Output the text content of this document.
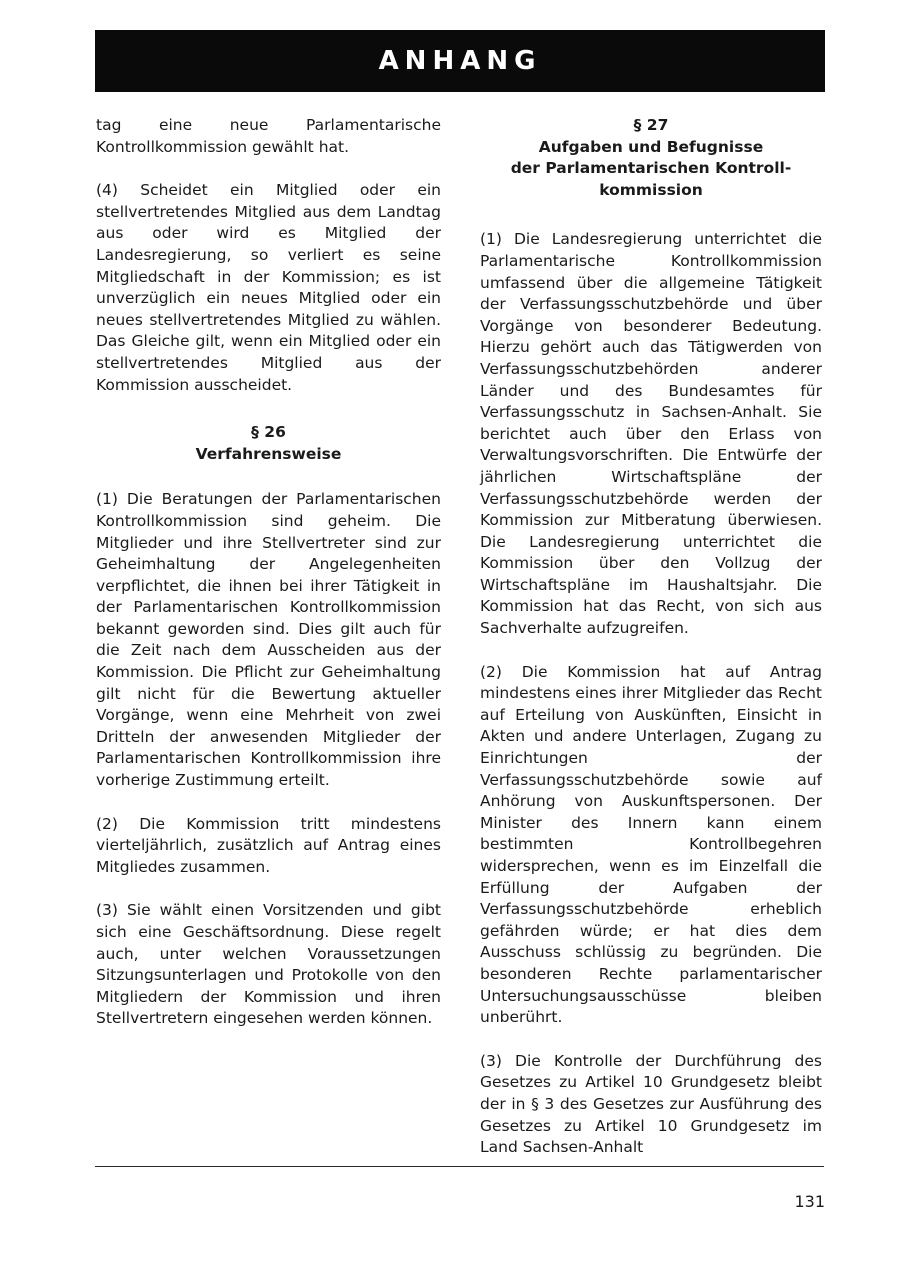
ANHANG

tag eine neue Parlamentarische Kontrollkommission gewählt hat.

(4) Scheidet ein Mitglied oder ein stellvertretendes Mitglied aus dem Landtag aus oder wird es Mitglied der Landesregierung, so verliert es seine Mitgliedschaft in der Kommission; es ist unverzüglich ein neues Mitglied oder ein neues stellvertretendes Mitglied zu wählen. Das Gleiche gilt, wenn ein Mitglied oder ein stellvertretendes Mitglied aus der Kommission ausscheidet.

§ 26
Verfahrensweise

(1) Die Beratungen der Parlamentarischen Kontrollkommission sind geheim. Die Mitglieder und ihre Stellvertreter sind zur Geheimhaltung der Angelegenheiten verpflichtet, die ihnen bei ihrer Tätigkeit in der Parlamentarischen Kontrollkommission bekannt geworden sind. Dies gilt auch für die Zeit nach dem Ausscheiden aus der Kommission. Die Pflicht zur Geheimhaltung gilt nicht für die Bewertung aktueller Vorgänge, wenn eine Mehrheit von zwei Dritteln der anwesenden Mitglieder der Parlamentarischen Kontrollkommission ihre vorherige Zustimmung erteilt.

(2) Die Kommission tritt mindestens vierteljährlich, zusätzlich auf Antrag eines Mitgliedes zusammen.

(3) Sie wählt einen Vorsitzenden und gibt sich eine Geschäftsordnung. Diese regelt auch, unter welchen Voraussetzungen Sitzungsunterlagen und Protokolle von den Mitgliedern der Kommission und ihren Stellvertretern eingesehen werden können.

§ 27
Aufgaben und Befugnisse
der Parlamentarischen Kontroll-
kommission

(1) Die Landesregierung unterrichtet die Parlamentarische Kontrollkommission umfassend über die allgemeine Tätigkeit der Verfassungsschutzbehörde und über Vorgänge von besonderer Bedeutung. Hierzu gehört auch das Tätigwerden von Verfassungsschutzbehörden anderer Länder und des Bundesamtes für Verfassungsschutz in Sachsen-Anhalt. Sie berichtet auch über den Erlass von Verwaltungsvorschriften. Die Entwürfe der jährlichen Wirtschaftspläne der Verfassungsschutzbehörde werden der Kommission zur Mitberatung überwiesen. Die Landesregierung unterrichtet die Kommission über den Vollzug der Wirtschaftspläne im Haushaltsjahr. Die Kommission hat das Recht, von sich aus Sachverhalte aufzugreifen.

(2) Die Kommission hat auf Antrag mindestens eines ihrer Mitglieder das Recht auf Erteilung von Auskünften, Einsicht in Akten und andere Unterlagen, Zugang zu Einrichtungen der Verfassungsschutzbehörde sowie auf Anhörung von Auskunftspersonen. Der Minister des Innern kann einem bestimmten Kontrollbegehren widersprechen, wenn es im Einzelfall die Erfüllung der Aufgaben der Verfassungsschutzbehörde erheblich gefährden würde; er hat dies dem Ausschuss schlüssig zu begründen. Die besonderen Rechte parlamentarischer Untersuchungsausschüsse bleiben unberührt.

(3) Die Kontrolle der Durchführung des Gesetzes zu Artikel 10 Grundgesetz bleibt der in § 3 des Gesetzes zur Ausführung des Gesetzes zu Artikel 10 Grundgesetz im Land Sachsen-Anhalt

131
